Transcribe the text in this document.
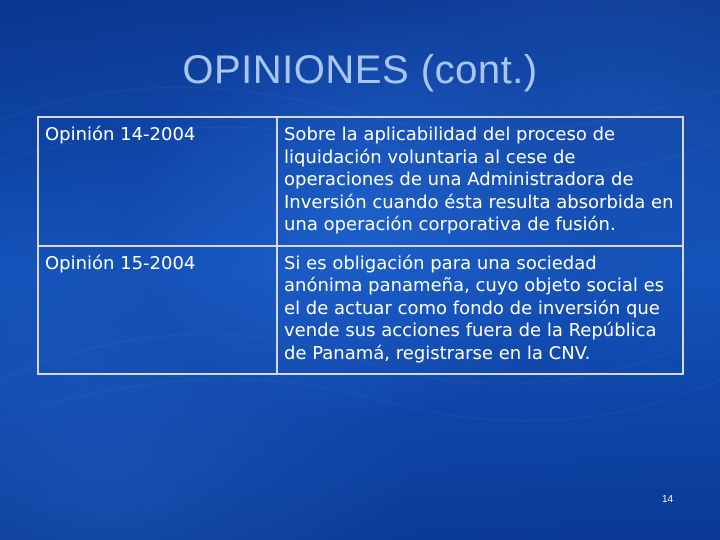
OPINIONES (cont.)
Opinión 14-2004	Sobre la aplicabilidad del proceso de liquidación voluntaria al cese de operaciones de una Administradora de Inversión cuando ésta resulta absorbida en una operación corporativa de fusión.
Opinión 15-2004	Si es obligación para una sociedad anónima panameña, cuyo objeto social es el de actuar como fondo de inversión que vende sus acciones fuera de la República de Panamá, registrarse en la CNV.
14
